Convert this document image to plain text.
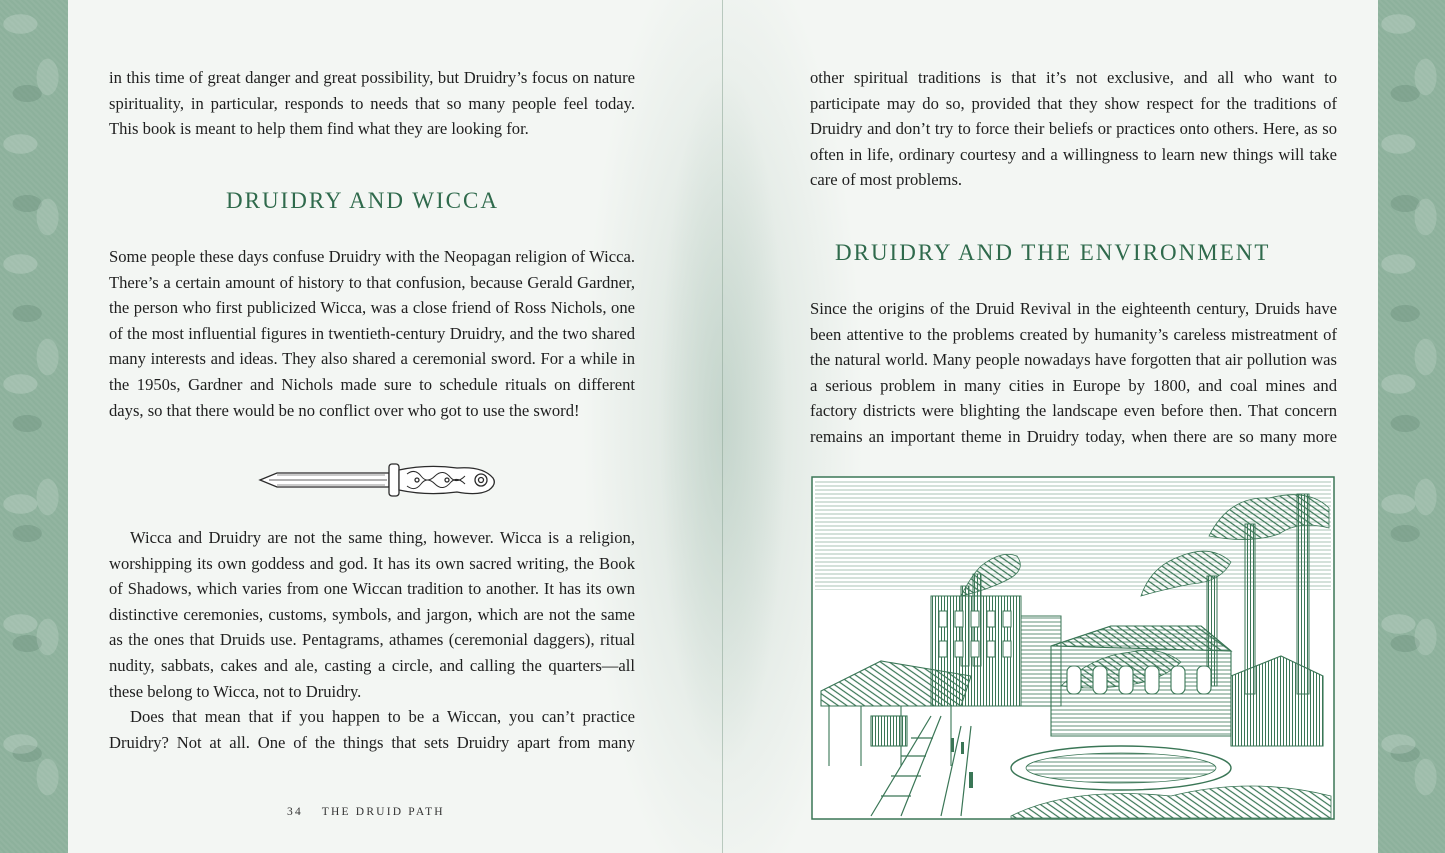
in this time of great danger and great possibility, but Druidry’s focus on nature spirituality, in particular, responds to needs that so many people feel today. This book is meant to help them find what they are looking for.

DRUIDRY AND WICCA

Some people these days confuse Druidry with the Neopagan religion of Wicca. There’s a certain amount of history to that confusion, because Gerald Gardner, the person who first publicized Wicca, was a close friend of Ross Nichols, one of the most influential figures in twentieth-century Druidry, and the two shared many interests and ideas. They also shared a ceremonial sword. For a while in the 1950s, Gardner and Nichols made sure to schedule rituals on different days, so that there would be no conflict over who got to use the sword!

Wicca and Druidry are not the same thing, however. Wicca is a religion, worshipping its own goddess and god. It has its own sacred writing, the Book of Shadows, which varies from one Wiccan tradition to another. It has its own distinctive ceremonies, customs, symbols, and jargon, which are not the same as the ones that Druids use. Pentagrams, athames (ceremonial daggers), ritual nudity, sabbats, cakes and ale, casting a circle, and calling the quarters—all these belong to Wicca, not to Druidry.

Does that mean that if you happen to be a Wiccan, you can’t practice Druidry? Not at all. One of the things that sets Druidry apart from many

34 THE DRUID PATH

other spiritual traditions is that it’s not exclusive, and all who want to participate may do so, provided that they show respect for the traditions of Druidry and don’t try to force their beliefs or practices onto others. Here, as so often in life, ordinary courtesy and a willingness to learn new things will take care of most problems.

DRUIDRY AND THE ENVIRONMENT

Since the origins of the Druid Revival in the eighteenth century, Druids have been attentive to the problems created by humanity’s careless mistreatment of the natural world. Many people nowadays have forgotten that air pollution was a serious problem in many cities in Europe by 1800, and coal mines and factory districts were blighting the landscape even before then. That concern remains an important theme in Druidry today, when there are so many more
